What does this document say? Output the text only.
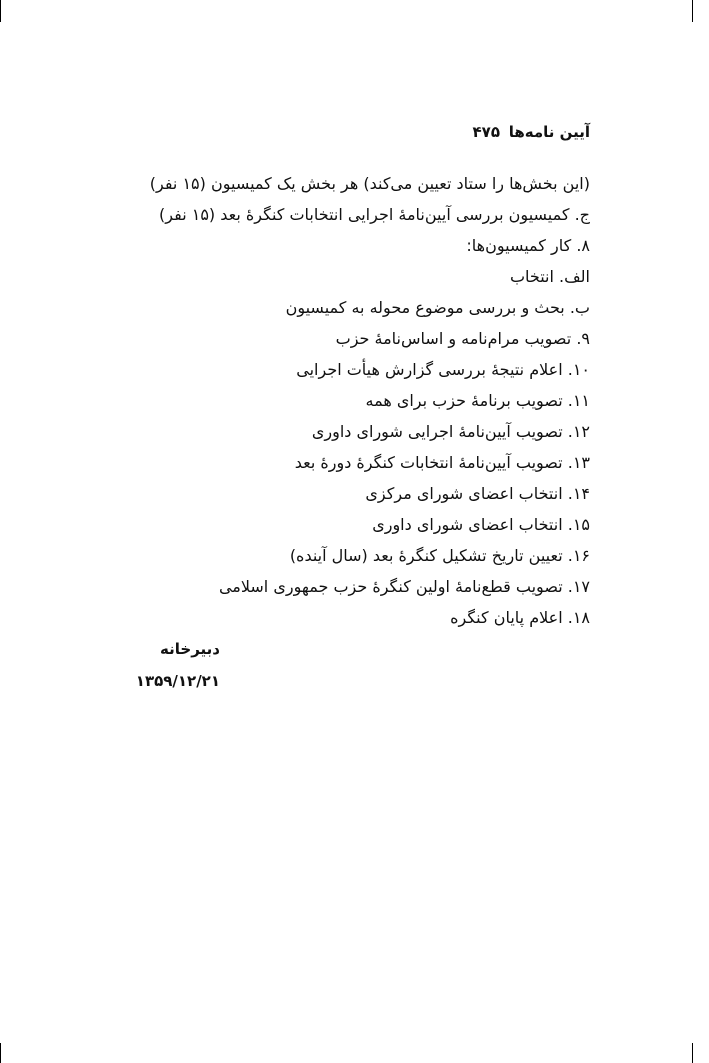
آیین نامه‌ها
۴۷۵
(این بخش‌ها را ستاد تعیین می‌کند) هر بخش یک کمیسیون (۱۵ نفر)
ج. کمیسیون بررسی آیین‌نامهٔ اجرایی انتخابات کنگرهٔ بعد (۱۵ نفر)
۸. کار کمیسیون‌ها:
الف. انتخاب
ب. بحث و بررسی موضوع محوله به کمیسیون
۹. تصویب مرام‌نامه و اساس‌نامهٔ حزب
۱۰. اعلام نتیجهٔ بررسی گزارش هیأت اجرایی
۱۱. تصویب برنامهٔ حزب برای همه
۱۲. تصویب آیین‌نامهٔ اجرایی شورای داوری
۱۳. تصویب آیین‌نامهٔ انتخابات کنگرهٔ دورهٔ بعد
۱۴. انتخاب اعضای شورای مرکزی
۱۵. انتخاب اعضای شورای داوری
۱۶. تعیین تاریخ تشکیل کنگرهٔ بعد (سال آینده)
۱۷. تصویب قطع‌نامهٔ اولین کنگرهٔ حزب جمهوری اسلامی
۱۸. اعلام پایان کنگره
دبیرخانه
۱۳۵۹/۱۲/۲۱
